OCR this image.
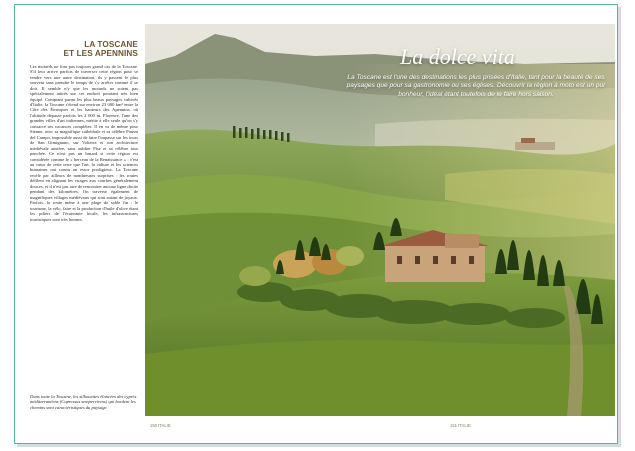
LA TOSCANE
ET LES APENNINS

Les motards ne font pas toujours grand cas de la Toscane. S'il leur arrive parfois de traverser cette région pour se rendre vers une autre destination, ils y passent le plus souvent sans prendre le temps de s'y arrêter comme il se doit. Il semble n'y que les motards ne soient pas spécialement attirés sur cet endroit pourtant très bien équipé. Comptant parmi les plus beaux paysages cultivés d'Italie, la Toscane s'étend sur environ 23 000 km² entre la Côte des Étrusques et les hauteurs des Apennins, où l'altitude dépasse parfois les 2 000 m. Florence, l'une des grandes villes d'art italiennes, mérite à elle seule qu'on s'y consacre ses vacances complètes. Il en va de même pour Sienne, avec sa magnifique cathédrale et sa célèbre Piazza del Campo, impossible aussi de faire l'impasse sur les tours de San Gimignano, sur Volterra et son architecture médiévale austère, sans oublier Pise et sa célèbre tour penchée. Ce n'est pas un hasard si cette région est considérée comme le « berceau de la Renaissance » : c'est au cœur de cette terre que l'art, la culture et les sciences humaines ont connu un essor prodigieux. La Toscane recèle par ailleurs de nombreuses surprises : les routes défilent en alignant les virages aux courbes généralement douces, et il n'est pas rare de rencontrer aucune ligne droite pendant des kilomètres. On traverse également de magnifiques villages médiévaux qui sont autant de joyaux. Parfois, la route mène à une plage de sable fin : le tourisme, la vélo, faire et la production d'huile d'olive étant les piliers de l'économie locale, les infrastructures touristiques sont très bonnes.

Dans toute la Toscane, les silhouettes élancées des cyprès méditerranéens (Cupressus sempervirens) qui bordent les chemins sont caractéristiques du paysage.

La dolce vita

La Toscane est l'une des destinations les plus prisées d'Italie, tant pour la beauté de ses paysages que pour sa gastronomie ou ses églises. Découvrir la région à moto est un pur bonheur, l'idéal étant toutefois de le faire hors saison.

150 ITALIE	151 ITALIE
